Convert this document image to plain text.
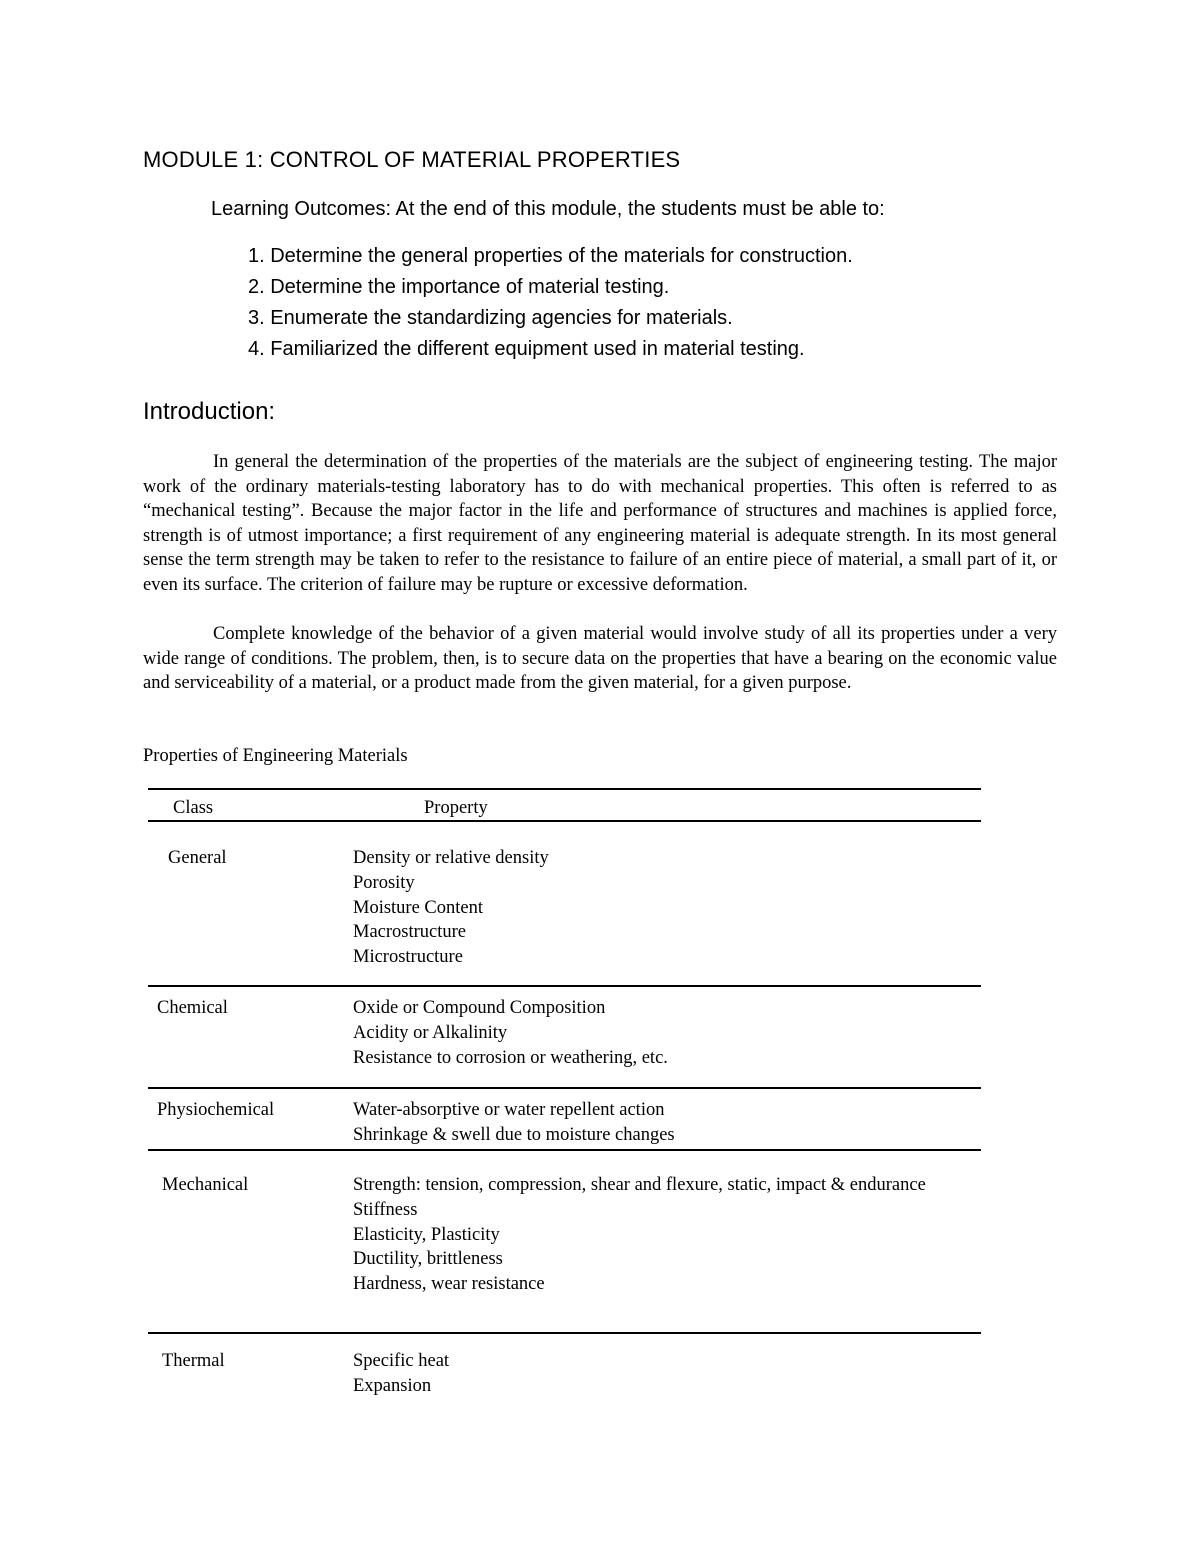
MODULE 1: CONTROL OF MATERIAL PROPERTIES
Learning Outcomes: At the end of this module, the students must be able to:
1. Determine the general properties of the materials for construction.
2. Determine the importance of material testing.
3. Enumerate the standardizing agencies for materials.
4. Familiarized the different equipment used in material testing.
Introduction:

In general the determination of the properties of the materials are the subject of engineering testing. The major work of the ordinary materials-testing laboratory has to do with mechanical properties. This often is referred to as “mechanical testing”. Because the major factor in the life and performance of structures and machines is applied force, strength is of utmost importance; a first requirement of any engineering material is adequate strength. In its most general sense the term strength may be taken to refer to the resistance to failure of an entire piece of material, a small part of it, or even its surface. The criterion of failure may be rupture or excessive deformation.

Complete knowledge of the behavior of a given material would involve study of all its properties under a very wide range of conditions. The problem, then, is to secure data on the properties that have a bearing on the economic value and serviceability of a material, or a product made from the given material, for a given purpose.

Properties of Engineering Materials
Class	Property
General	Density or relative density
Porosity
Moisture Content
Macrostructure
Microstructure
Chemical	Oxide or Compound Composition
Acidity or Alkalinity
Resistance to corrosion or weathering, etc.
Physiochemical	Water-absorptive or water repellent action
Shrinkage & swell due to moisture changes
Mechanical	Strength: tension, compression, shear and flexure, static, impact & endurance
Stiffness
Elasticity, Plasticity
Ductility, brittleness
Hardness, wear resistance
Thermal	Specific heat
Expansion
